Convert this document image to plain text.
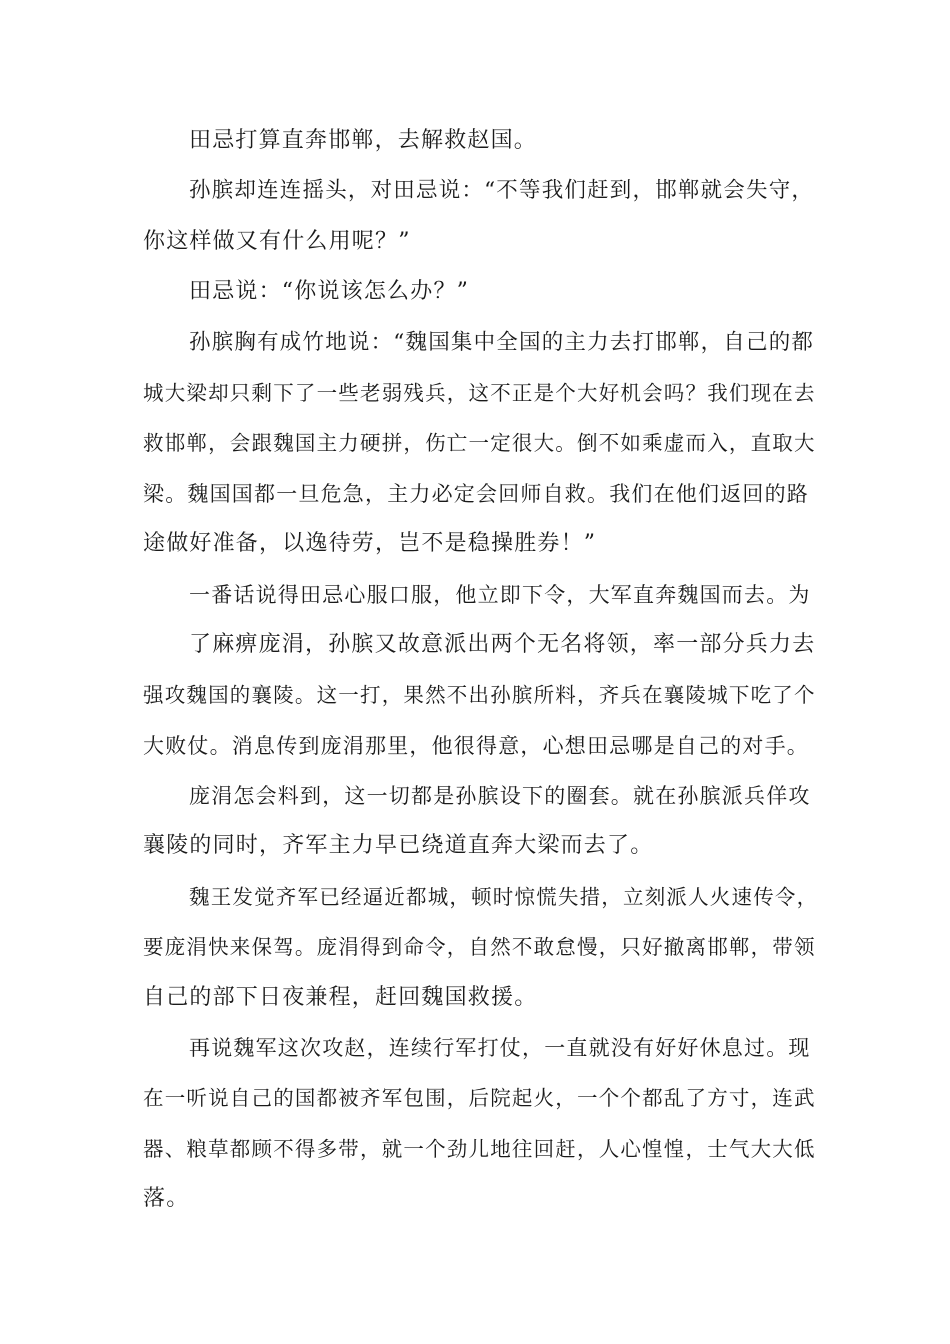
田忌打算直奔邯郸，去解救赵国。
孙膑却连连摇头，对田忌说：“不等我们赶到，邯郸就会失守，
你这样做又有什么用呢？”
田忌说：“你说该怎么办？”
孙膑胸有成竹地说：“魏国集中全国的主力去打邯郸，自己的都
城大梁却只剩下了一些老弱残兵，这不正是个大好机会吗？我们现在去
救邯郸，会跟魏国主力硬拼，伤亡一定很大。倒不如乘虚而入，直取大
梁。魏国国都一旦危急，主力必定会回师自救。我们在他们返回的路
途做好准备，以逸待劳，岂不是稳操胜券！”
一番话说得田忌心服口服，他立即下令，大军直奔魏国而去。为
了麻痹庞涓，孙膑又故意派出两个无名将领，率一部分兵力去
强攻魏国的襄陵。这一打，果然不出孙膑所料，齐兵在襄陵城下吃了个
大败仗。消息传到庞涓那里，他很得意，心想田忌哪是自己的对手。
庞涓怎会料到，这一切都是孙膑设下的圈套。就在孙膑派兵佯攻
襄陵的同时，齐军主力早已绕道直奔大梁而去了。
魏王发觉齐军已经逼近都城，顿时惊慌失措，立刻派人火速传令，
要庞涓快来保驾。庞涓得到命令，自然不敢怠慢，只好撤离邯郸，带领
自己的部下日夜兼程，赶回魏国救援。
再说魏军这次攻赵，连续行军打仗，一直就没有好好休息过。现
在一听说自己的国都被齐军包围，后院起火，一个个都乱了方寸，连武
器、粮草都顾不得多带，就一个劲儿地往回赶，人心惶惶，士气大大低
落。
